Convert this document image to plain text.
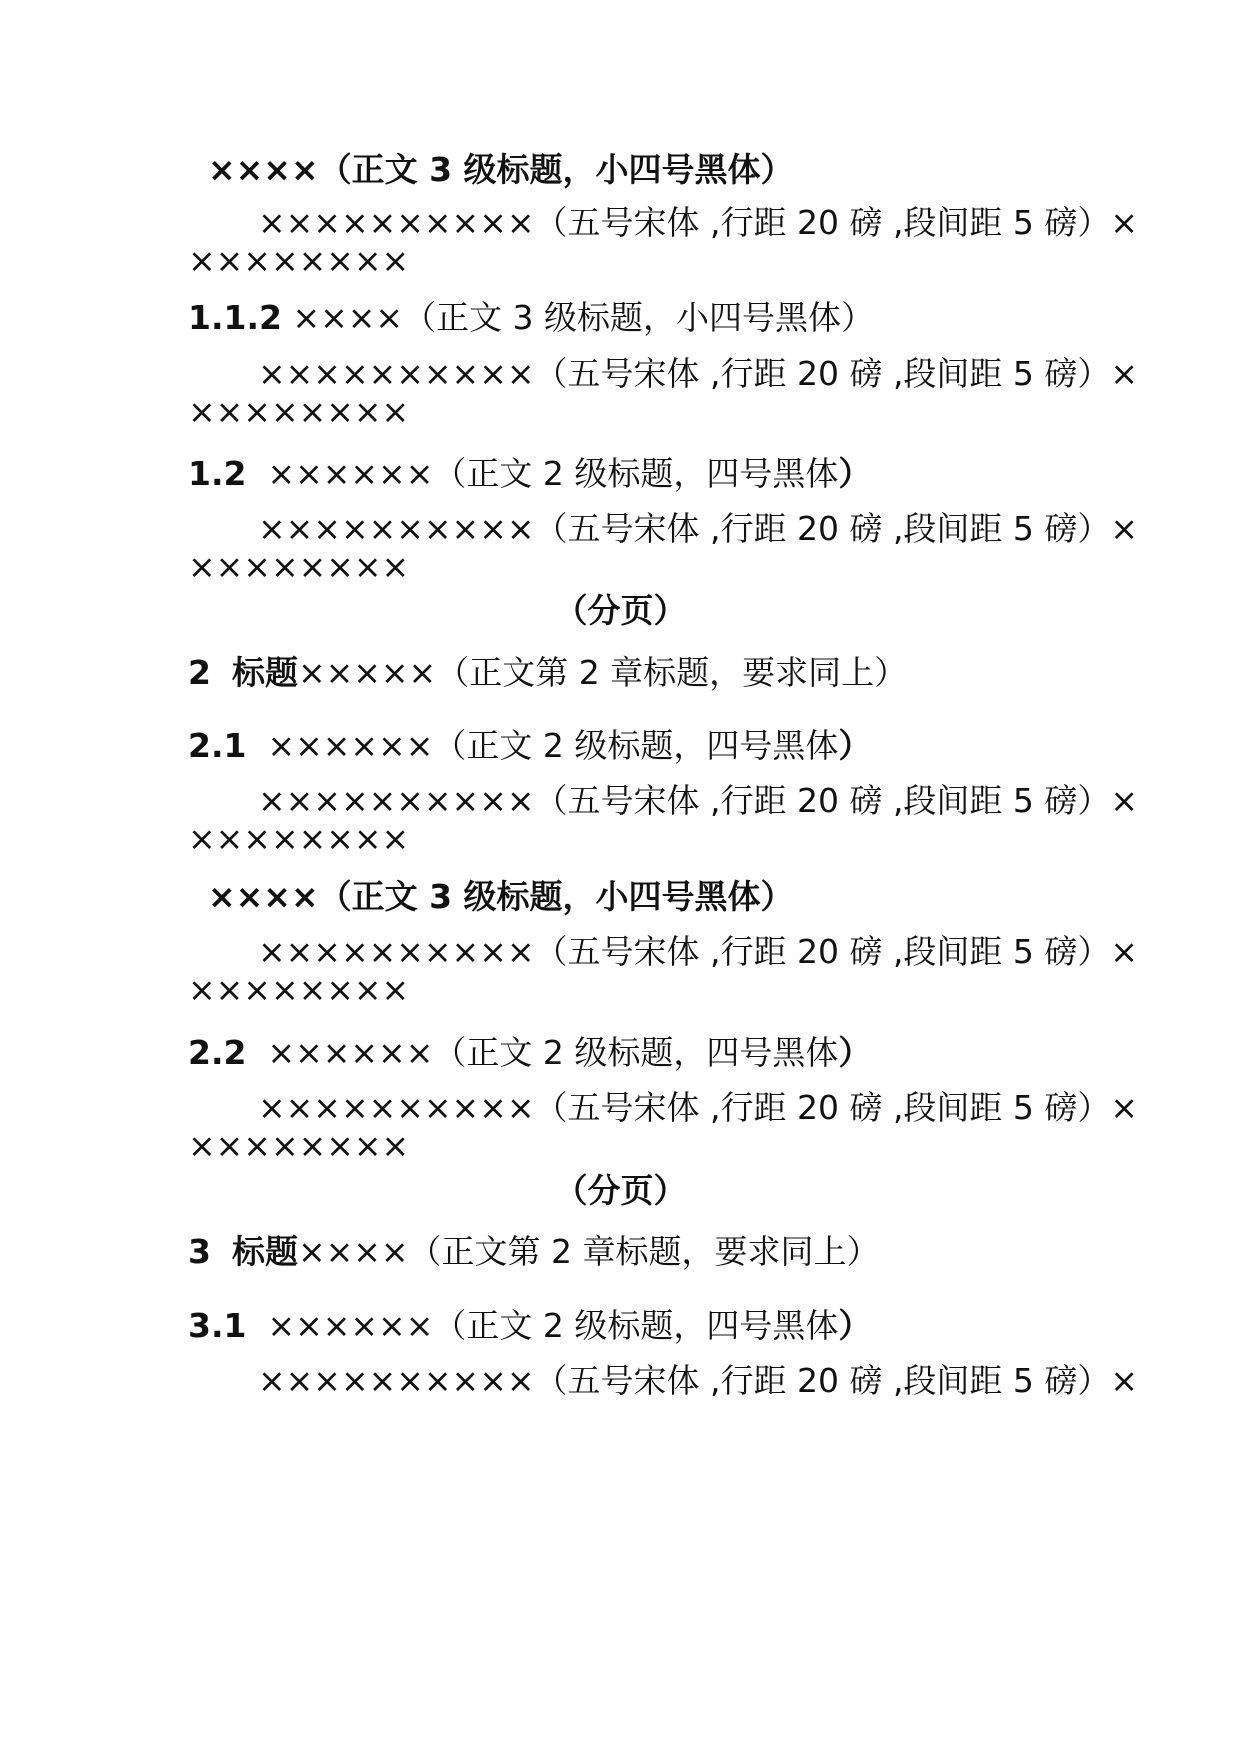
××××（正文 3 级标题，小四号黑体）
××××××××××（五号宋体 ,行距 20 磅 ,段间距 5 磅）×
××××××××
1.1.2 ××××（正文 3 级标题，小四号黑体）
××××××××××（五号宋体 ,行距 20 磅 ,段间距 5 磅）×
××××××××
1.2 ××××××（正文 2 级标题，四号黑体）
××××××××××（五号宋体 ,行距 20 磅 ,段间距 5 磅）×
××××××××
（分页）
2 标题×××××（正文第 2 章标题，要求同上）
2.1 ××××××（正文 2 级标题，四号黑体）
××××××××××（五号宋体 ,行距 20 磅 ,段间距 5 磅）×
××××××××
××××（正文 3 级标题，小四号黑体）
××××××××××（五号宋体 ,行距 20 磅 ,段间距 5 磅）×
××××××××
2.2 ××××××（正文 2 级标题，四号黑体）
××××××××××（五号宋体 ,行距 20 磅 ,段间距 5 磅）×
××××××××
（分页）
3 标题××××（正文第 2 章标题，要求同上）
3.1 ××××××（正文 2 级标题，四号黑体）
××××××××××（五号宋体 ,行距 20 磅 ,段间距 5 磅）×
